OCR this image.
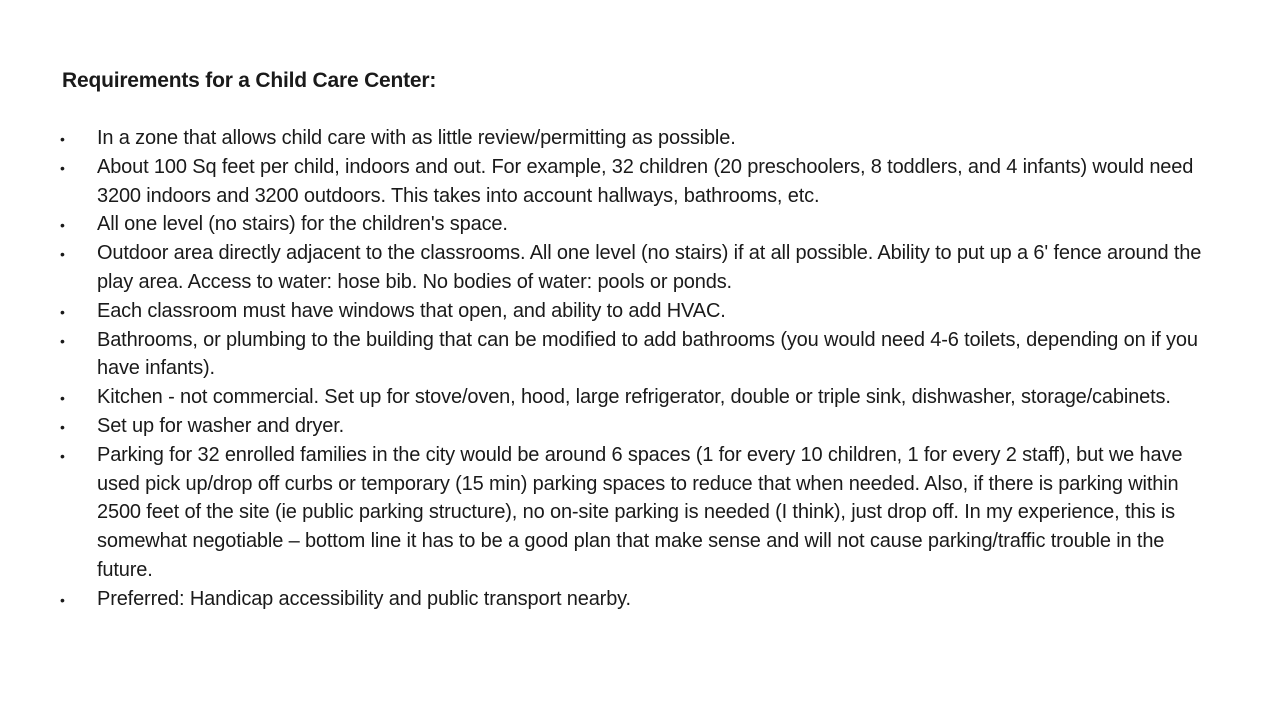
Requirements for a Child Care Center:
• In a zone that allows child care with as little review/permitting as possible.
• About 100 Sq feet per child, indoors and out. For example, 32 children (20 preschoolers, 8 toddlers, and 4 infants) would need 3200 indoors and 3200 outdoors. This takes into account hallways, bathrooms, etc.
• All one level (no stairs) for the children's space.
• Outdoor area directly adjacent to the classrooms. All one level (no stairs) if at all possible. Ability to put up a 6' fence around the play area. Access to water: hose bib. No bodies of water: pools or ponds.
• Each classroom must have windows that open, and ability to add HVAC.
• Bathrooms, or plumbing to the building that can be modified to add bathrooms (you would need 4-6 toilets, depending on if you have infants).
• Kitchen - not commercial. Set up for stove/oven, hood, large refrigerator, double or triple sink, dishwasher, storage/cabinets.
• Set up for washer and dryer.
• Parking for 32 enrolled families in the city would be around 6 spaces (1 for every 10 children, 1 for every 2 staff), but we have used pick up/drop off curbs or temporary (15 min) parking spaces to reduce that when needed. Also, if there is parking within 2500 feet of the site (ie public parking structure), no on-site parking is needed (I think), just drop off. In my experience, this is somewhat negotiable – bottom line it has to be a good plan that make sense and will not cause parking/traffic trouble in the future.
• Preferred: Handicap accessibility and public transport nearby.
